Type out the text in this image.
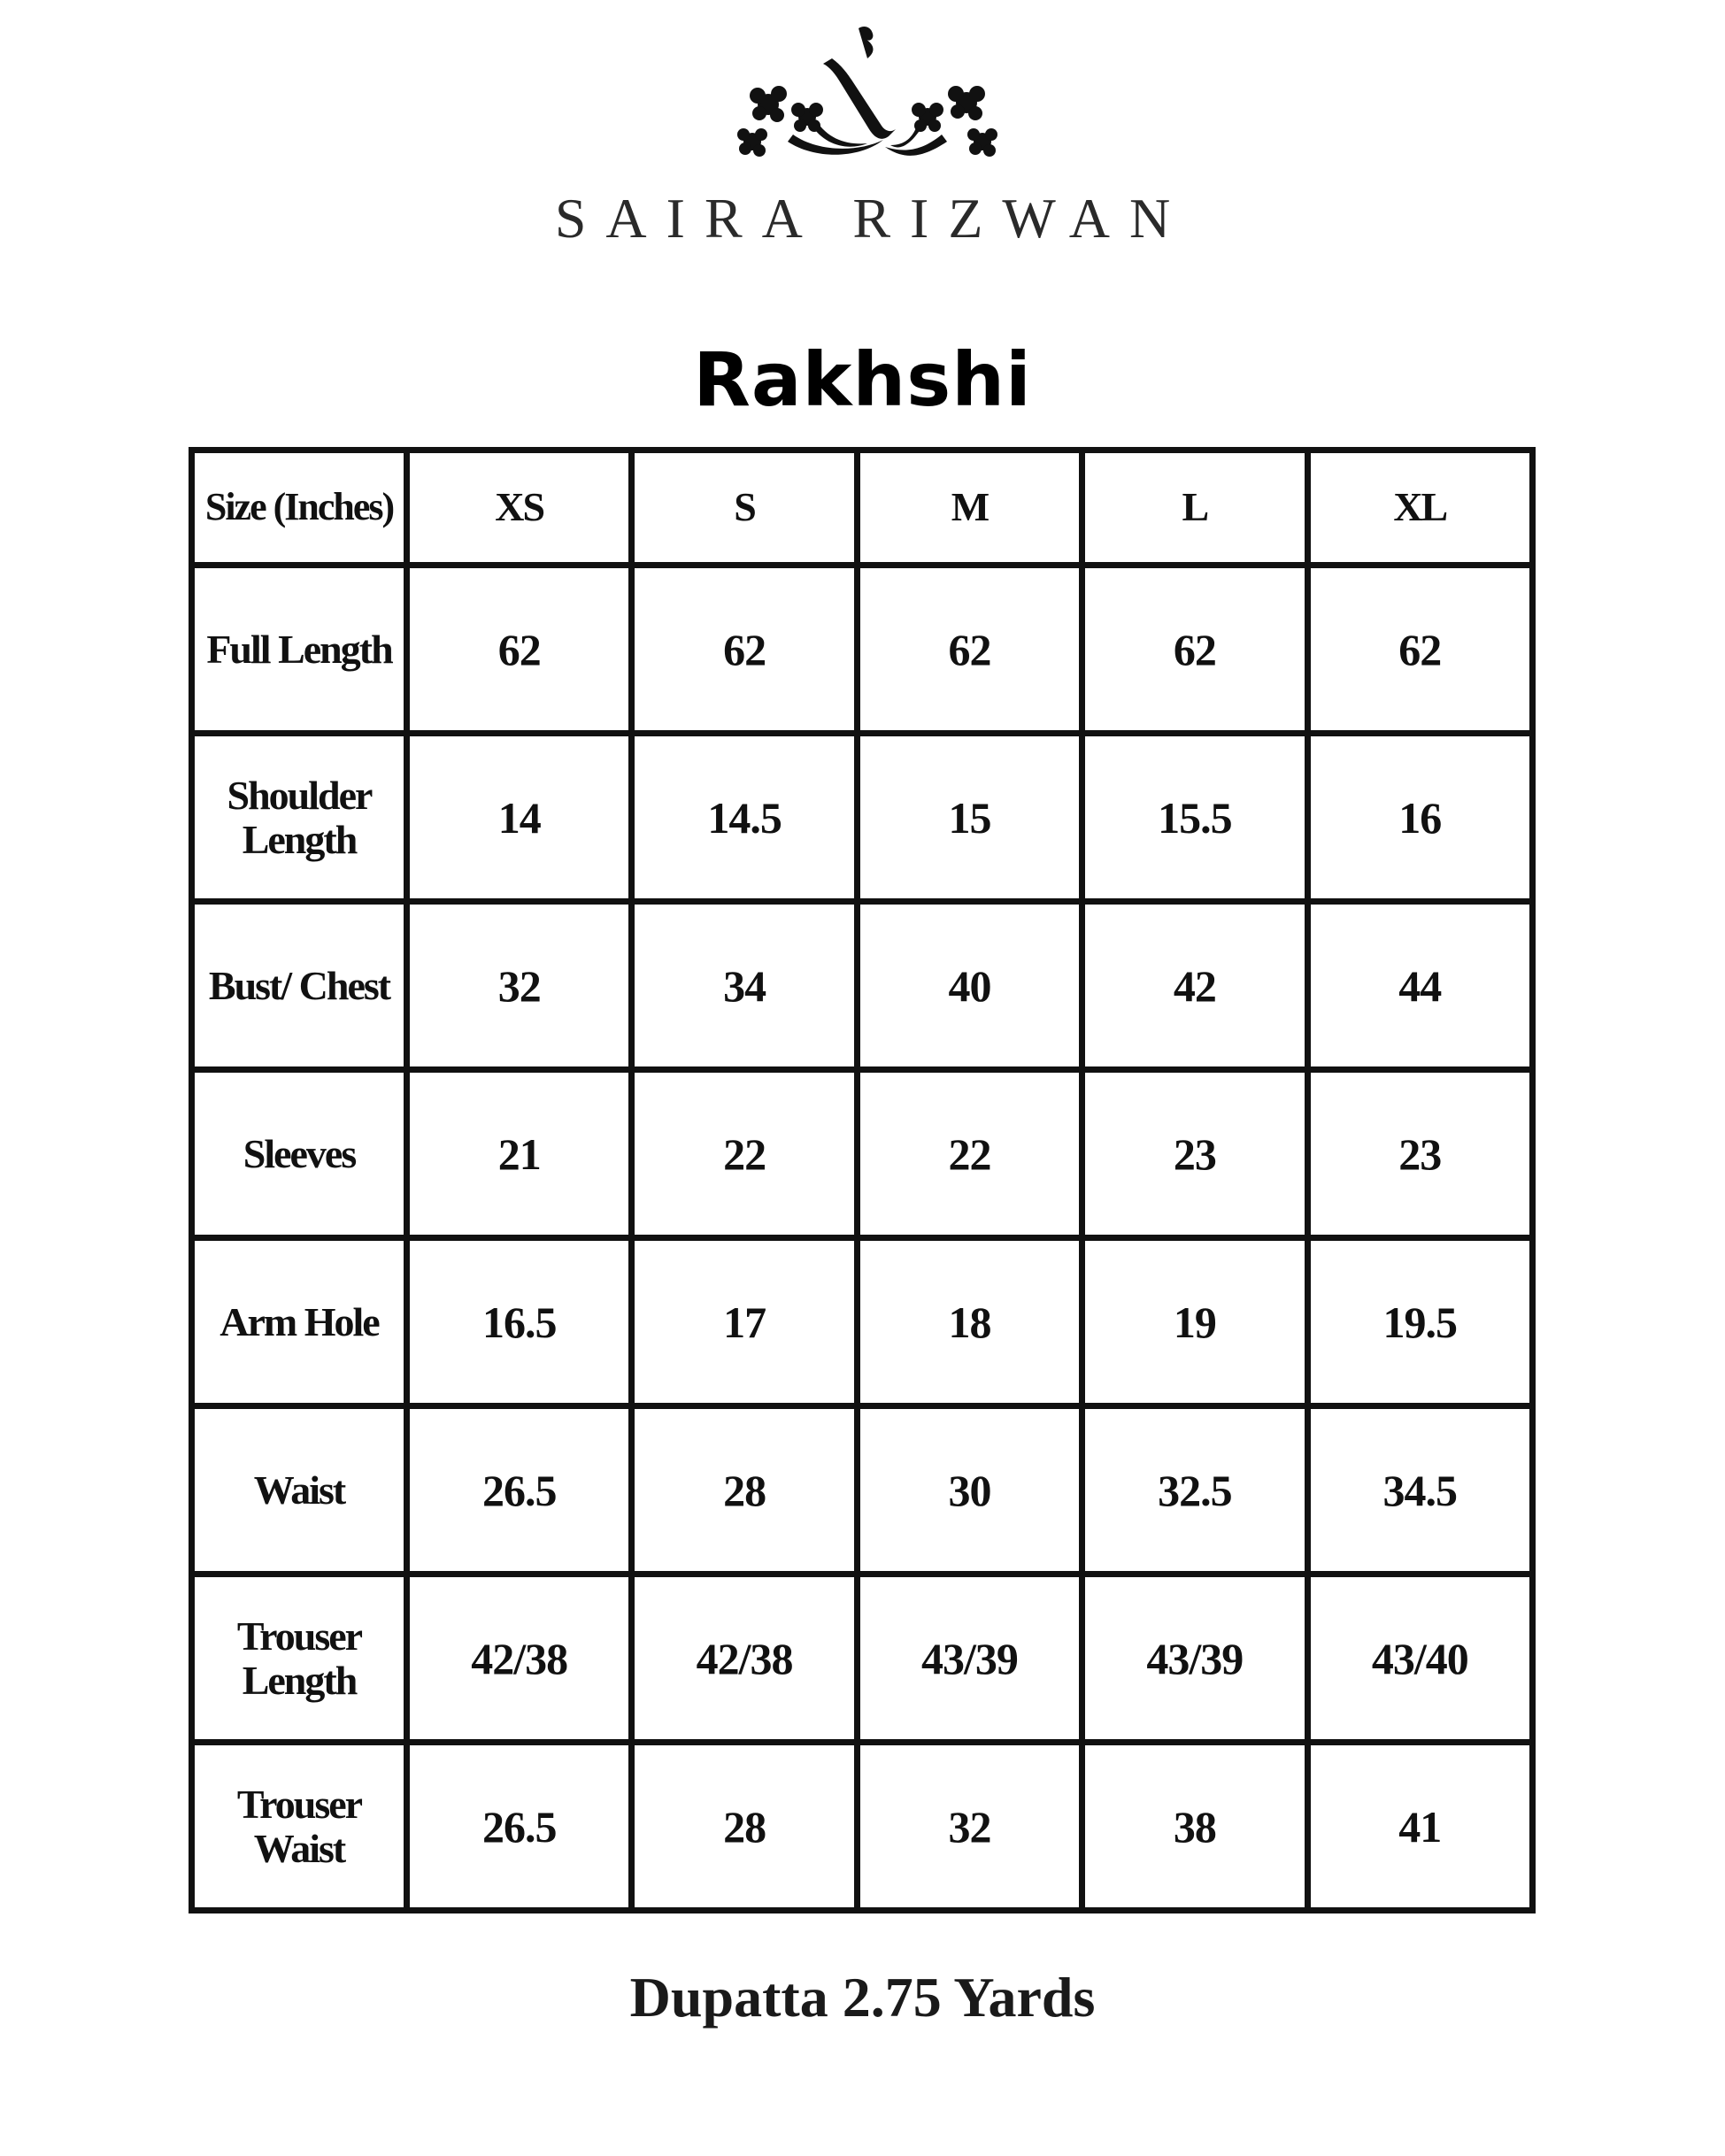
SAIRA RIZWAN
Rakhshi
Size (Inches)	XS	S	M	L	XL
Full Length	62	62	62	62	62
Shoulder Length	14	14.5	15	15.5	16
Bust/ Chest	32	34	40	42	44
Sleeves	21	22	22	23	23
Arm Hole	16.5	17	18	19	19.5
Waist	26.5	28	30	32.5	34.5
Trouser Length	42/38	42/38	43/39	43/39	43/40
Trouser Waist	26.5	28	32	38	41
Dupatta 2.75 Yards
